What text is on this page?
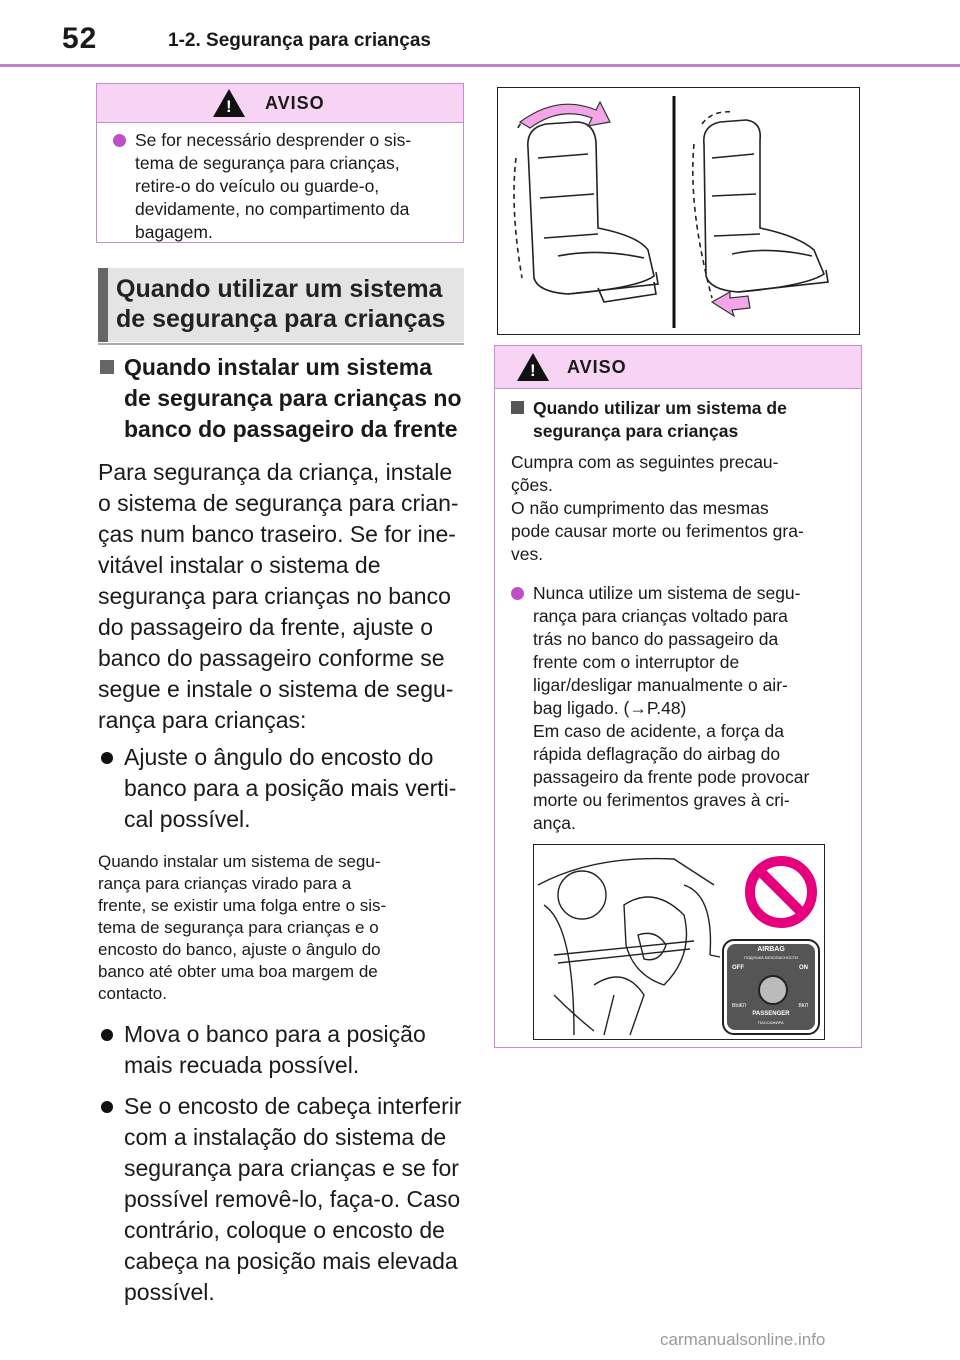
52	1-2. Segurança para crianças
!
AVISO
Se for necessário desprender o sis-
tema de segurança para crianças,
retire-o do veículo ou guarde-o,
devidamente, no compartimento da
bagagem.
Quando utilizar um sistema
de segurança para crianças
Quando instalar um sistema
de segurança para crianças no
banco do passageiro da frente
Para segurança da criança, instale
o sistema de segurança para crian-
ças num banco traseiro. Se for ine-
vitável instalar o sistema de
segurança para crianças no banco
do passageiro da frente, ajuste o
banco do passageiro conforme se
segue e instale o sistema de segu-
rança para crianças:
Ajuste o ângulo do encosto do
banco para a posição mais verti-
cal possível.
Quando instalar um sistema de segu-
rança para crianças virado para a
frente, se existir uma folga entre o sis-
tema de segurança para crianças e o
encosto do banco, ajuste o ângulo do
banco até obter uma boa margem de
contacto.
Mova o banco para a posição
mais recuada possível.
Se o encosto de cabeça interferir
com a instalação do sistema de
segurança para crianças e se for
possível removê-lo, faça-o. Caso
contrário, coloque o encosto de
cabeça na posição mais elevada
possível.
!
AVISO
Quando utilizar um sistema de
segurança para crianças
Cumpra com as seguintes precau-
ções.
O não cumprimento das mesmas
pode causar morte ou ferimentos gra-
ves.
Nunca utilize um sistema de segu-
rança para crianças voltado para
trás no banco do passageiro da
frente com o interruptor de
ligar/desligar manualmente o air-
bag ligado. (→P.48)
Em caso de acidente, a força da
rápida deflagração do airbag do
passageiro da frente pode provocar
morte ou ferimentos graves à cri-
ança.
AIRBAG
ПОДУШКА БЕЗОПАСНОСТИ
OFF	ON
ВЫКЛ	ВКЛ
PASSENGER
ПАССАЖИРА
carmanualsonline.info
